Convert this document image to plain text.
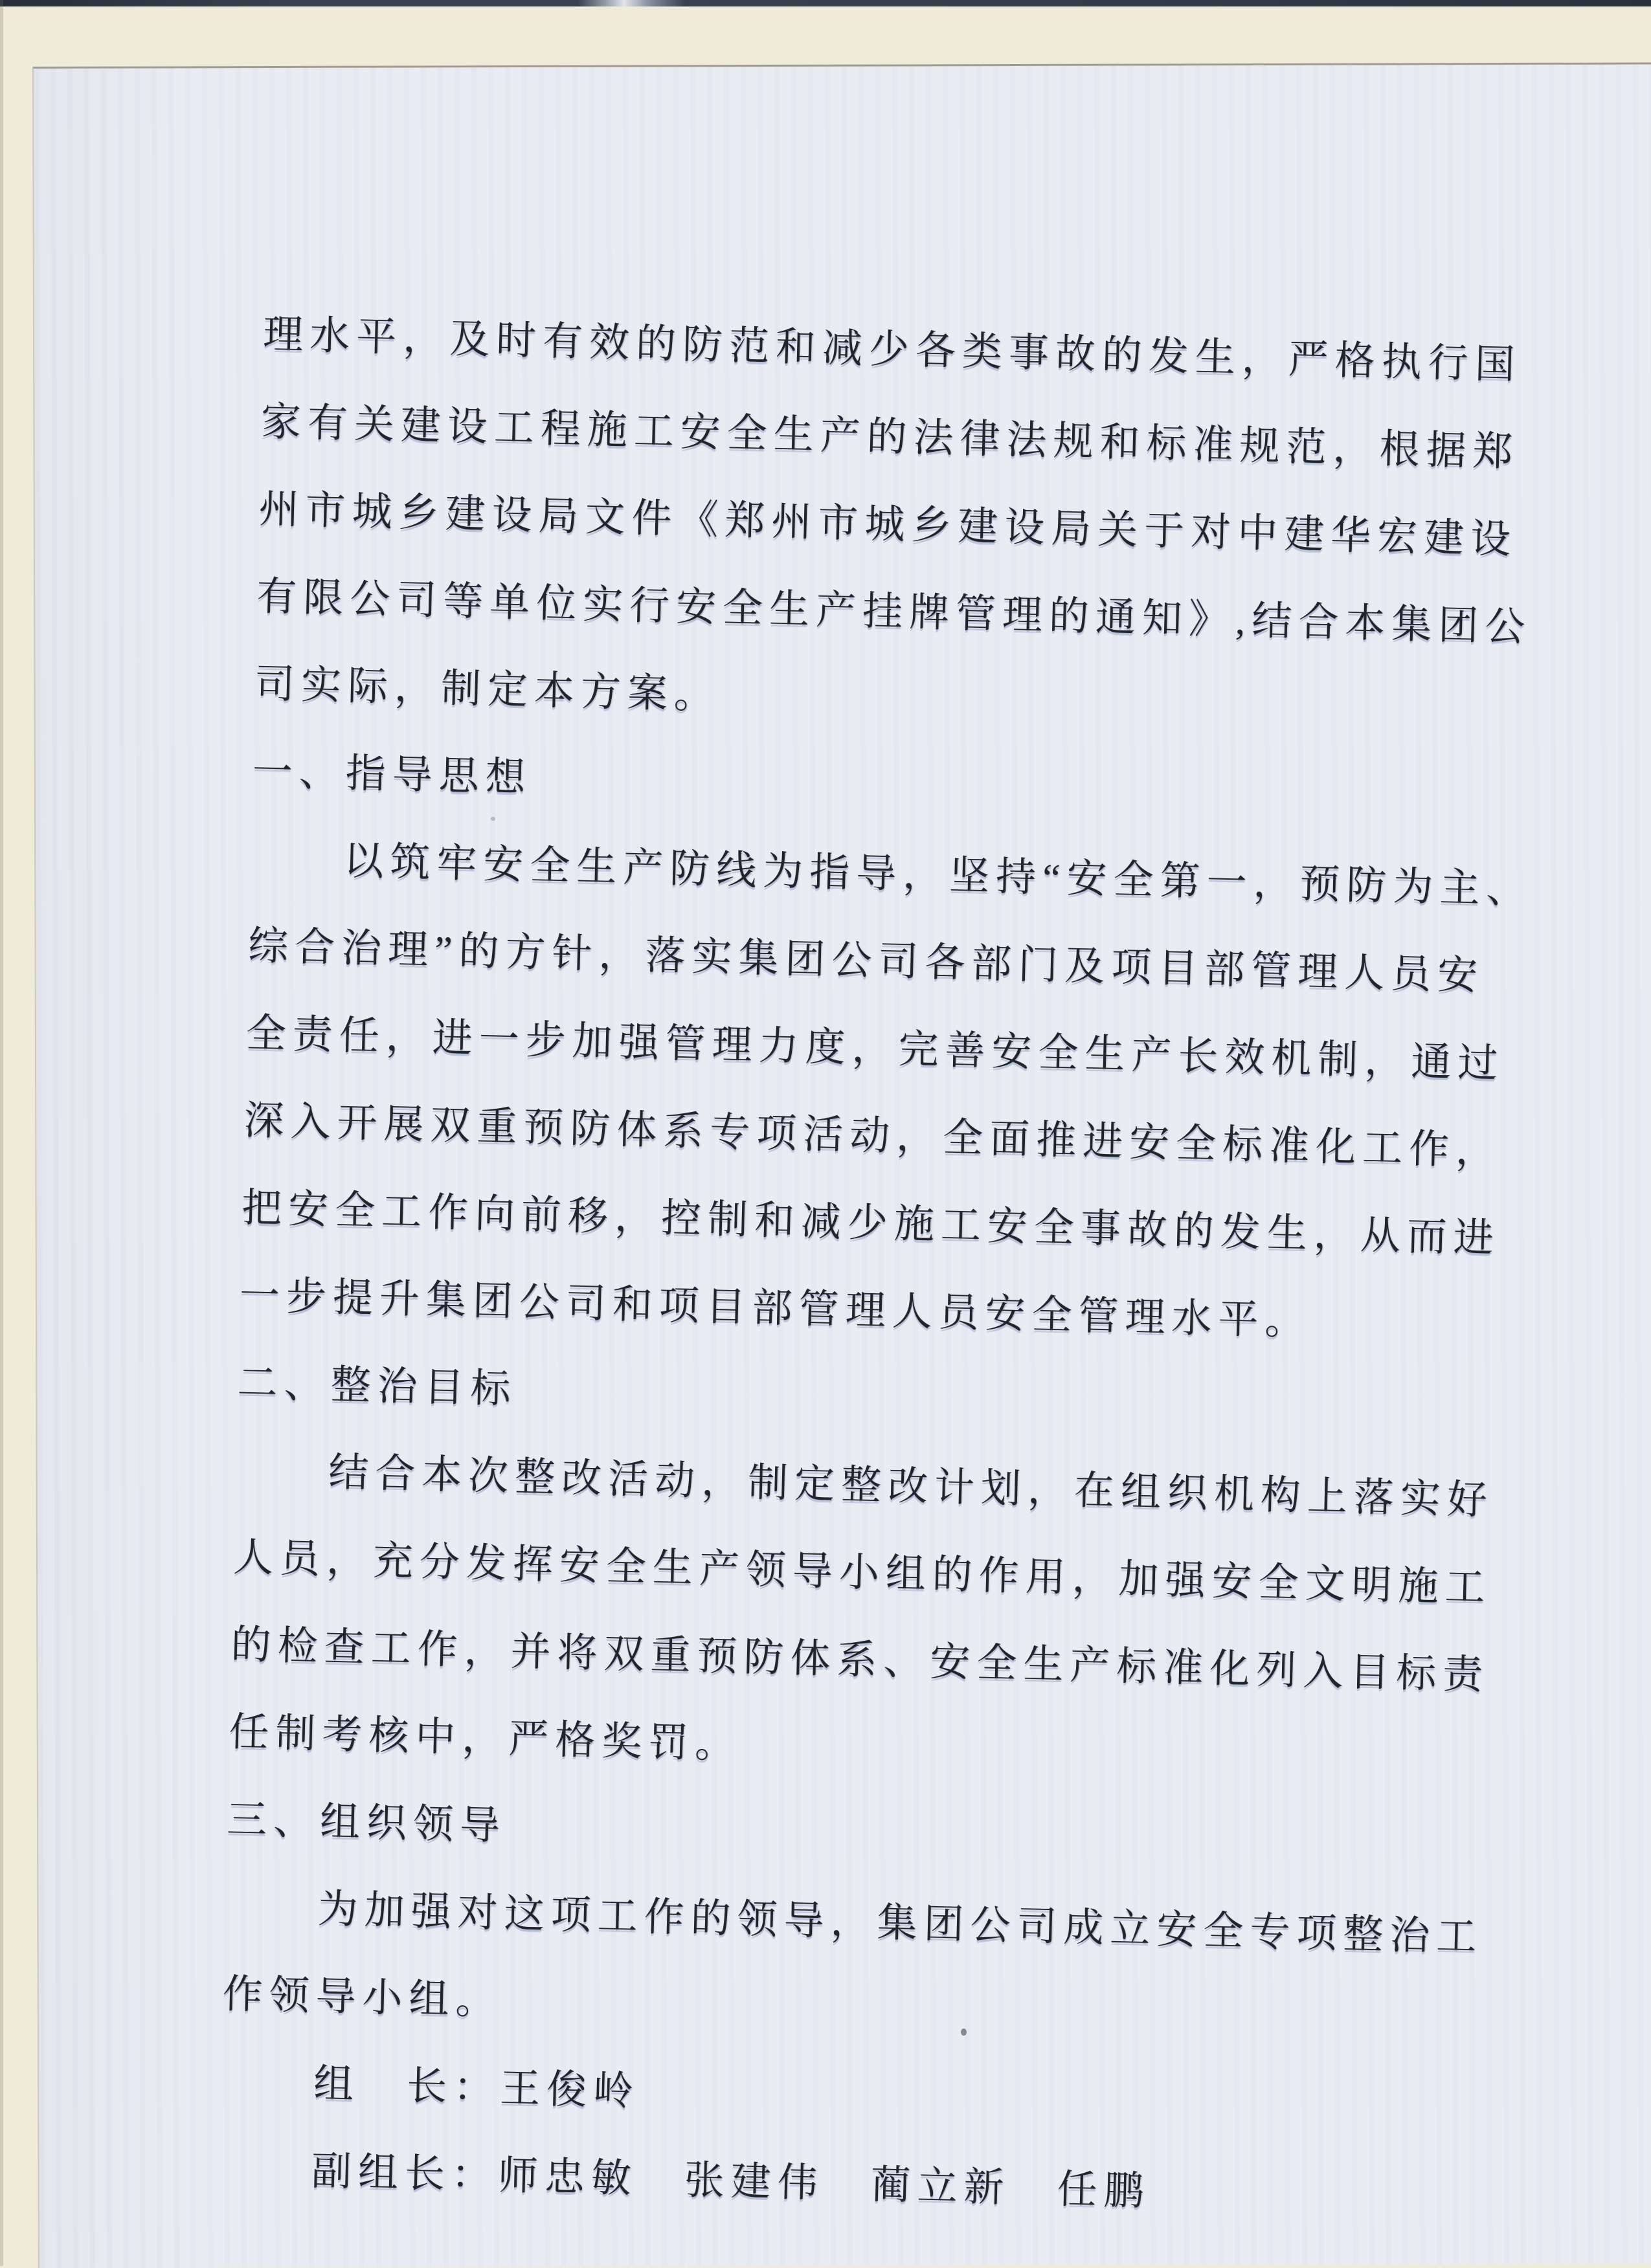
理水平，及时有效的防范和减少各类事故的发生，严格执行国
家有关建设工程施工安全生产的法律法规和标准规范，根据郑
州市城乡建设局文件《郑州市城乡建设局关于对中建华宏建设
有限公司等单位实行安全生产挂牌管理的通知》,结合本集团公
司实际，制定本方案。
一、指导思想
以筑牢安全生产防线为指导，坚持“安全第一，预防为主、
综合治理”的方针，落实集团公司各部门及项目部管理人员安
全责任，进一步加强管理力度，完善安全生产长效机制，通过
深入开展双重预防体系专项活动，全面推进安全标准化工作，
把安全工作向前移，控制和减少施工安全事故的发生，从而进
一步提升集团公司和项目部管理人员安全管理水平。
二、整治目标
结合本次整改活动，制定整改计划，在组织机构上落实好
人员，充分发挥安全生产领导小组的作用，加强安全文明施工
的检查工作，并将双重预防体系、安全生产标准化列入目标责
任制考核中，严格奖罚。
三、组织领导
为加强对这项工作的领导，集团公司成立安全专项整治工
作领导小组。
组　长：王俊岭
副组长：师忠敏　张建伟　蔺立新　任鹏
